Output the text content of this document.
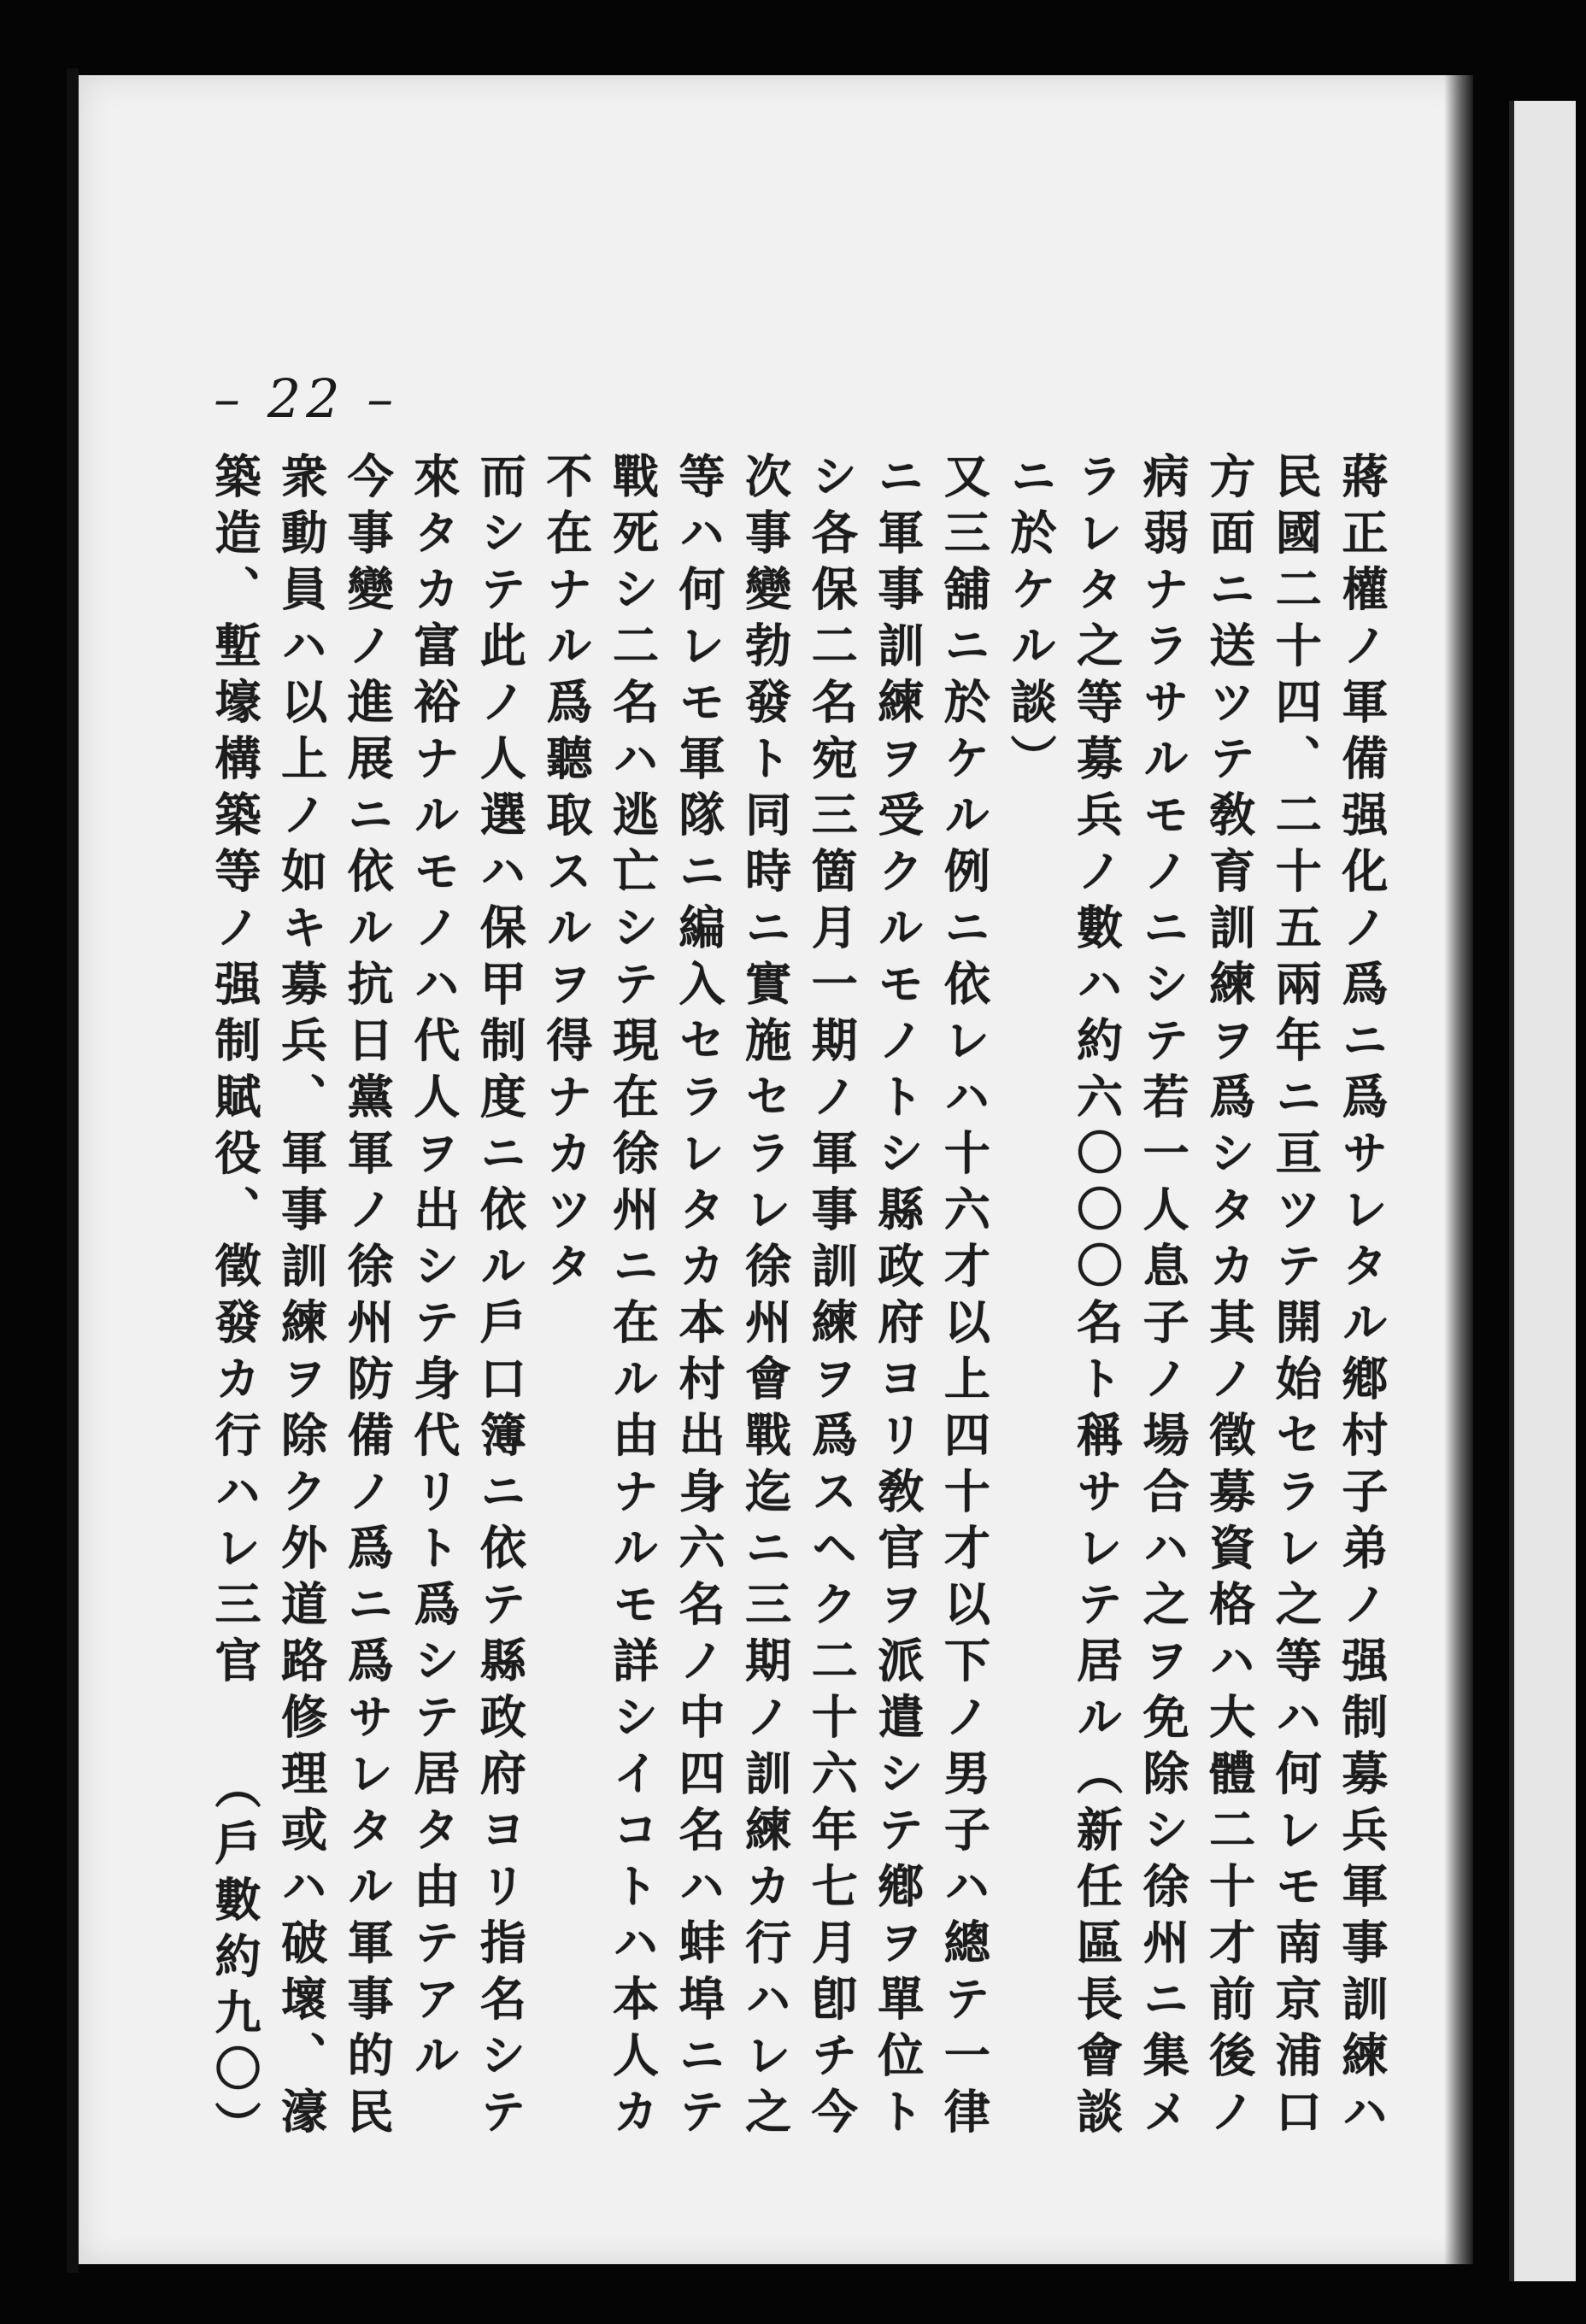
– 22 –
蔣正權ノ軍備强化ノ爲ニ爲サレタル鄕村子弟ノ强制募兵軍事訓練ハ
民國二十四、二十五兩年ニ亘ツテ開始セラレ之等ハ何レモ南京浦口
方面ニ送ツテ敎育訓練ヲ爲シタカ其ノ徵募資格ハ大體二十才前後ノ
病弱ナラサルモノニシテ若一人息子ノ場合ハ之ヲ免除シ徐州ニ集メ
ラレタ之等募兵ノ數ハ約六〇〇〇名ト稱サレテ居ル（新任區長會談
ニ於ケル談）
又三舖ニ於ケル例ニ依レハ十六才以上四十才以下ノ男子ハ總テ一律
ニ軍事訓練ヲ受クルモノトシ縣政府ヨリ敎官ヲ派遣シテ鄕ヲ單位ト
シ各保二名宛三箇月一期ノ軍事訓練ヲ爲スヘク二十六年七月卽チ今
次事變勃發ト同時ニ實施セラレ徐州會戰迄ニ三期ノ訓練カ行ハレ之
等ハ何レモ軍隊ニ編入セラレタカ本村出身六名ノ中四名ハ蚌埠ニテ
戰死シ二名ハ逃亡シテ現在徐州ニ在ル由ナルモ詳シイコトハ本人カ
不在ナル爲聽取スルヲ得ナカツタ
而シテ此ノ人選ハ保甲制度ニ依ル戶口簿ニ依テ縣政府ヨリ指名シテ
來タカ富裕ナルモノハ代人ヲ出シテ身代リト爲シテ居タ由テアル
今事變ノ進展ニ依ル抗日黨軍ノ徐州防備ノ爲ニ爲サレタル軍事的民
衆動員ハ以上ノ如キ募兵、軍事訓練ヲ除ク外道路修理或ハ破壞、濠
築造、塹壕構築等ノ强制賦役、徵發カ行ハレ三官
（戶數約九〇）
